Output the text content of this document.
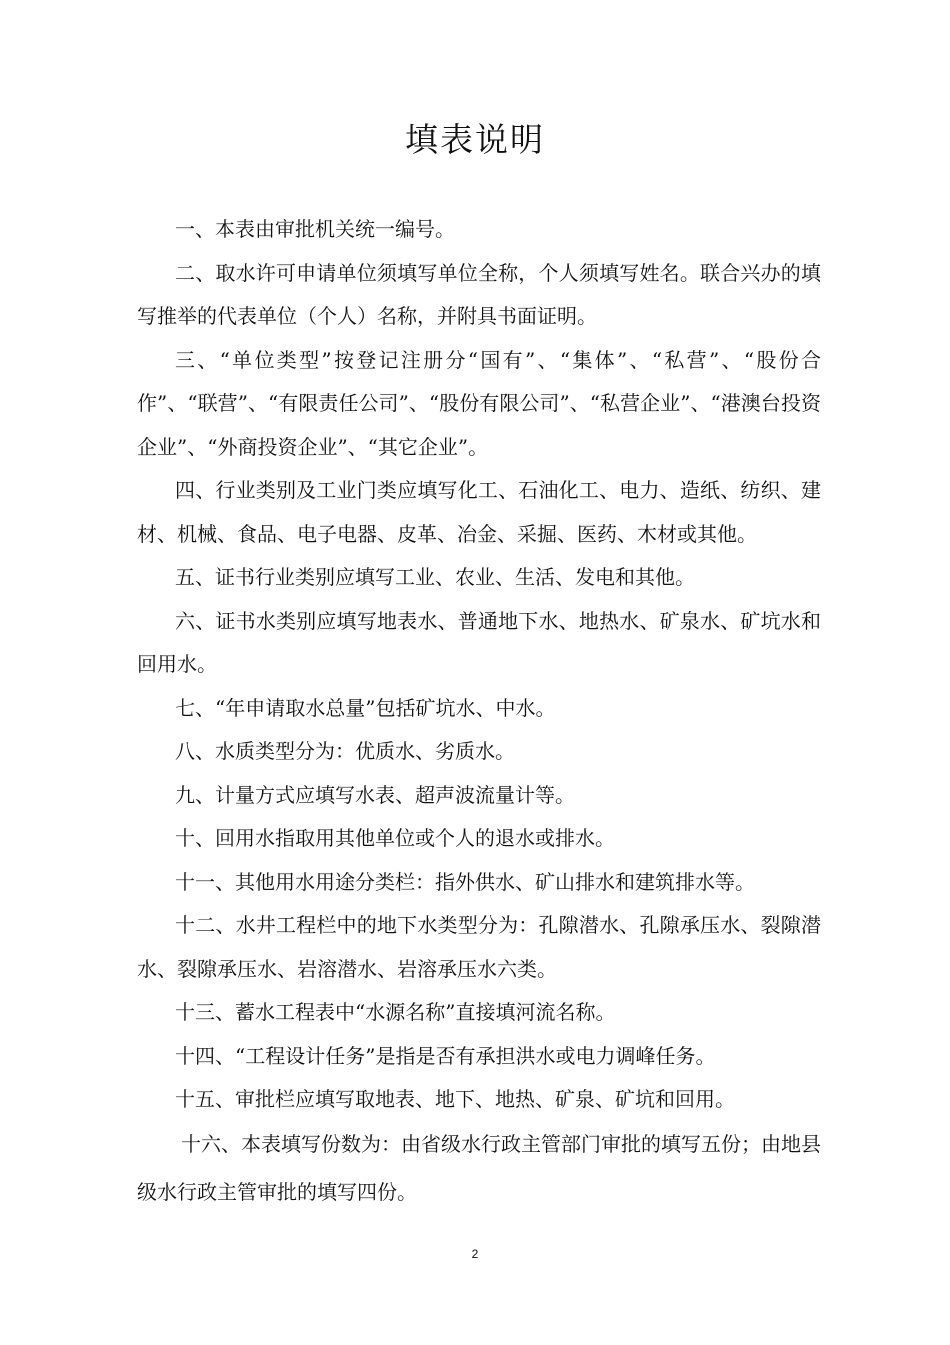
填表说明

一、本表由审批机关统一编号。

二、取水许可申请单位须填写单位全称，个人须填写姓名。联合兴办的填写推举的代表单位（个人）名称，并附具书面证明。

三、“单位类型”按登记注册分“国有”、“集体”、“私营”、“股份合作”、“联营”、“有限责任公司”、“股份有限公司”、“私营企业”、“港澳台投资企业”、“外商投资企业”、“其它企业”。

四、行业类别及工业门类应填写化工、石油化工、电力、造纸、纺织、建材、机械、食品、电子电器、皮革、冶金、采掘、医药、木材或其他。

五、证书行业类别应填写工业、农业、生活、发电和其他。

六、证书水类别应填写地表水、普通地下水、地热水、矿泉水、矿坑水和回用水。

七、“年申请取水总量”包括矿坑水、中水。

八、水质类型分为：优质水、劣质水。

九、计量方式应填写水表、超声波流量计等。

十、回用水指取用其他单位或个人的退水或排水。

十一、其他用水用途分类栏：指外供水、矿山排水和建筑排水等。

十二、水井工程栏中的地下水类型分为：孔隙潜水、孔隙承压水、裂隙潜水、裂隙承压水、岩溶潜水、岩溶承压水六类。

十三、蓄水工程表中“水源名称”直接填河流名称。

十四、“工程设计任务”是指是否有承担洪水或电力调峰任务。

十五、审批栏应填写取地表、地下、地热、矿泉、矿坑和回用。

十六、本表填写份数为：由省级水行政主管部门审批的填写五份；由地县级水行政主管审批的填写四份。

2
